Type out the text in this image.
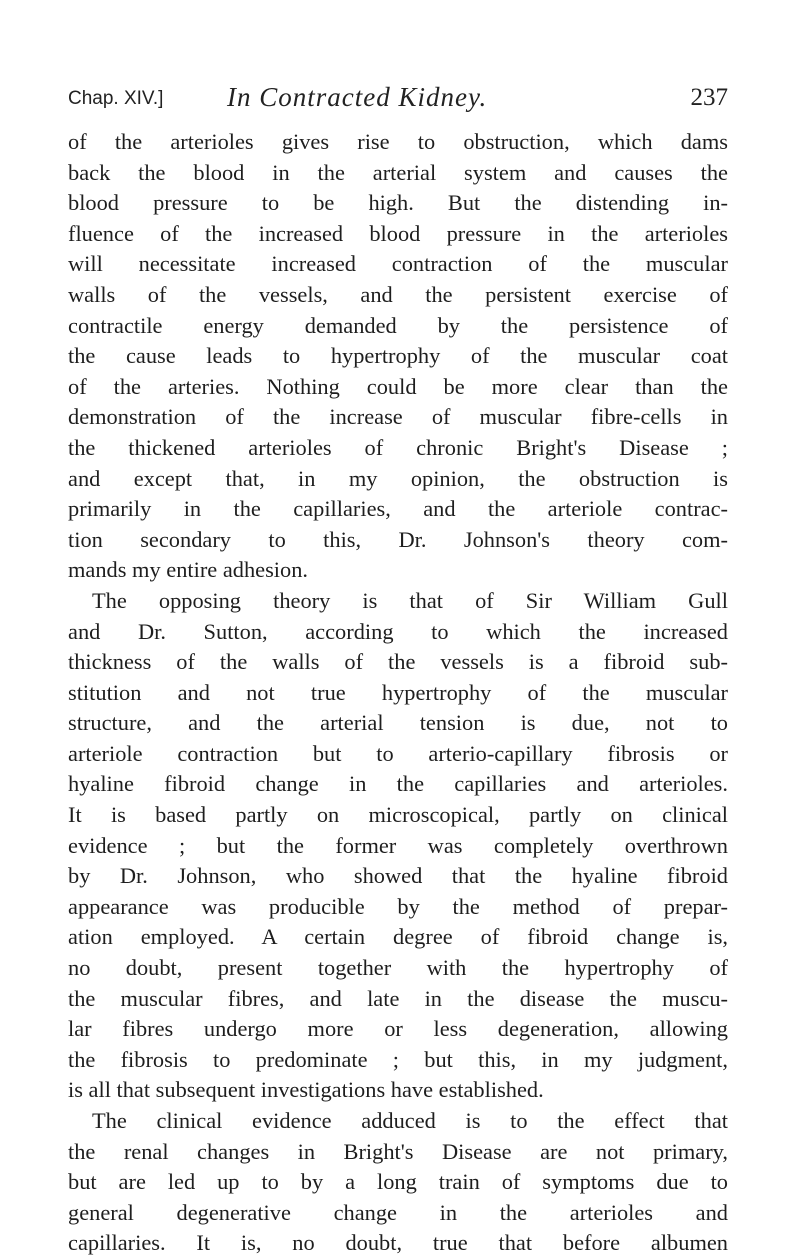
Chap. XIV.] In Contracted Kidney.	237
of the arterioles gives rise to obstruction, which dams
back the blood in the arterial system and causes the
blood pressure to be high. But the distending in-
fluence of the increased blood pressure in the arterioles
will necessitate increased contraction of the muscular
walls of the vessels, and the persistent exercise of
contractile energy demanded by the persistence of
the cause leads to hypertrophy of the muscular coat
of the arteries. Nothing could be more clear than the
demonstration of the increase of muscular fibre-cells in
the thickened arterioles of chronic Bright's Disease ;
and except that, in my opinion, the obstruction is
primarily in the capillaries, and the arteriole contrac-
tion secondary to this, Dr. Johnson's theory com-
mands my entire adhesion.
The opposing theory is that of Sir William Gull
and Dr. Sutton, according to which the increased
thickness of the walls of the vessels is a fibroid sub-
stitution and not true hypertrophy of the muscular
structure, and the arterial tension is due, not to
arteriole contraction but to arterio-capillary fibrosis or
hyaline fibroid change in the capillaries and arterioles.
It is based partly on microscopical, partly on clinical
evidence ; but the former was completely overthrown
by Dr. Johnson, who showed that the hyaline fibroid
appearance was producible by the method of prepar-
ation employed. A certain degree of fibroid change is,
no doubt, present together with the hypertrophy of
the muscular fibres, and late in the disease the muscu-
lar fibres undergo more or less degeneration, allowing
the fibrosis to predominate ; but this, in my judgment,
is all that subsequent investigations have established.
The clinical evidence adduced is to the effect that
the renal changes in Bright's Disease are not primary,
but are led up to by a long train of symptoms due to
general degenerative change in the arterioles and
capillaries. It is, no doubt, true that before albumen
